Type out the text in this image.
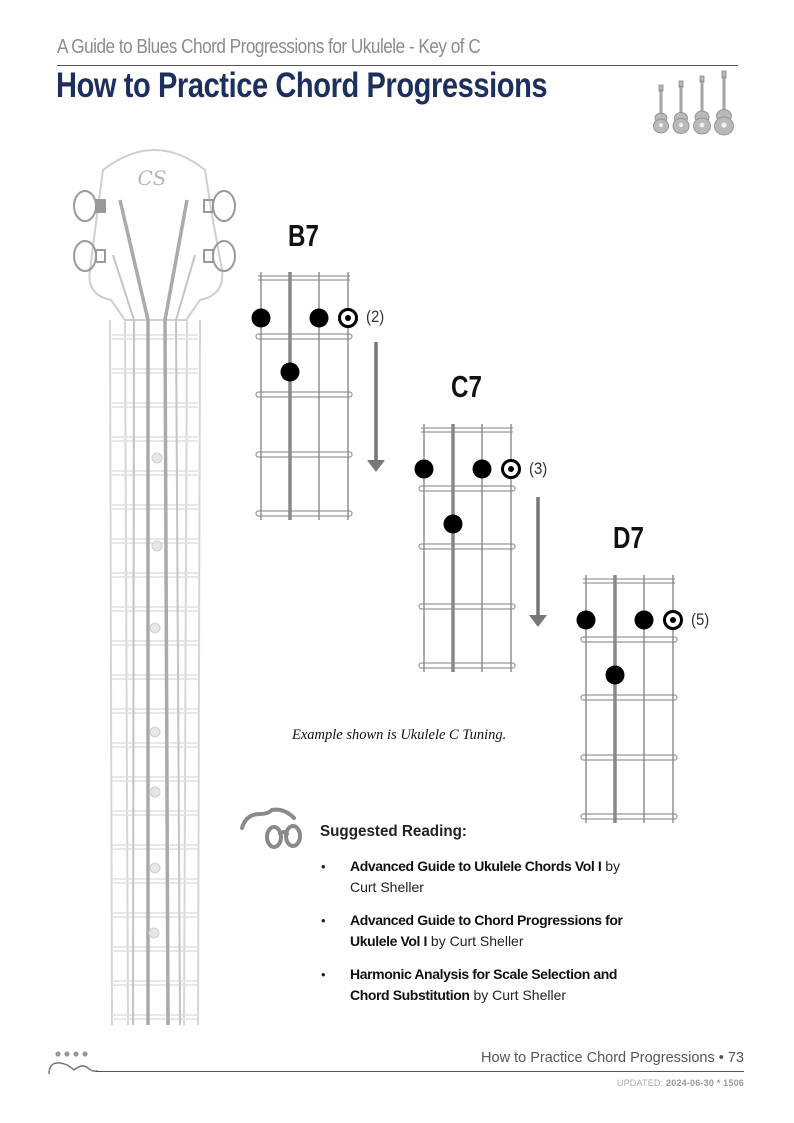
A Guide to Blues Chord Progressions for Ukulele - Key of C
How to Practice Chord Progressions
CS
B7
(2)
C7
(3)
D7
(5)
Example shown is Ukulele C Tuning.
Suggested Reading:
• Advanced Guide to Ukulele Chords Vol I by Curt Sheller
• Advanced Guide to Chord Progressions for Ukulele Vol I by Curt Sheller
• Harmonic Analysis for Scale Selection and Chord Substitution by Curt Sheller
How to Practice Chord Progressions • 73
UPDATED: 2024-06-30 * 1506
